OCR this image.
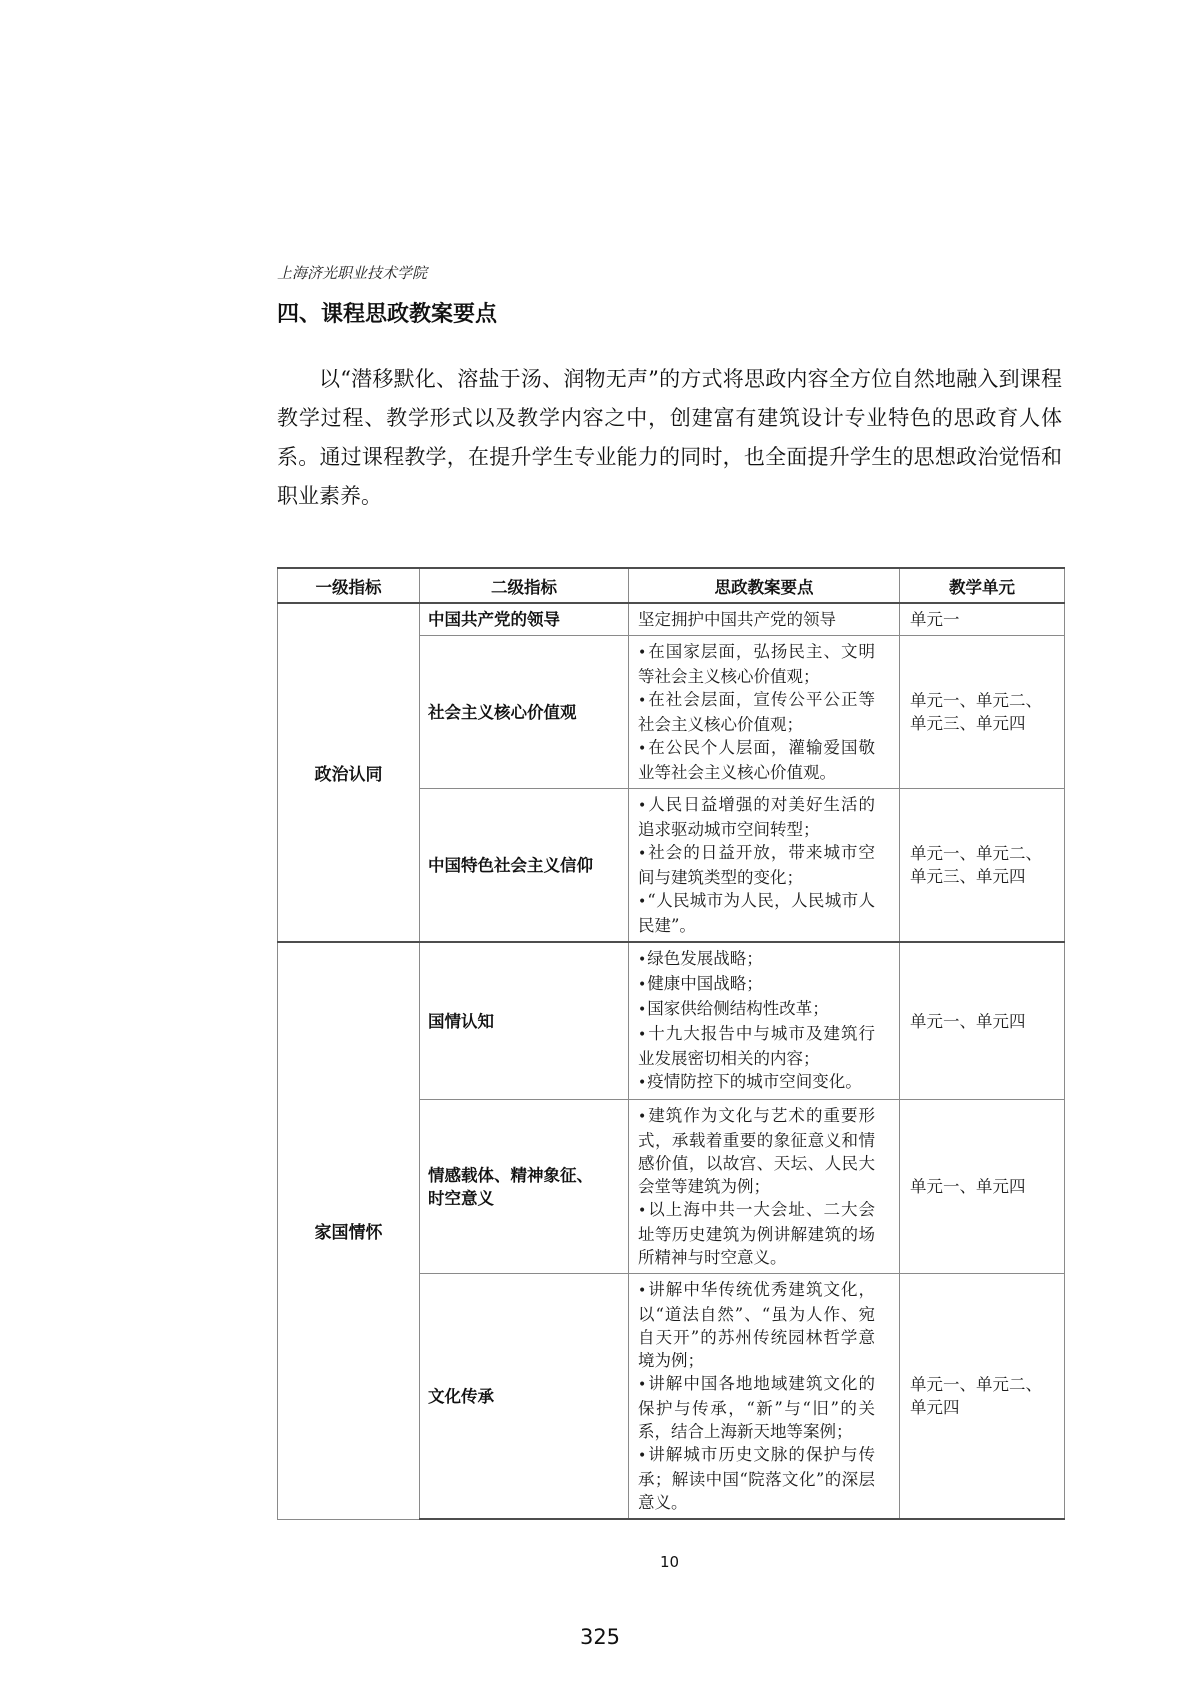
上海济光职业技术学院
四、课程思政教案要点

以“潜移默化、溶盐于汤、润物无声”的方式将思政内容全方位自然地融入到课程教学过程、教学形式以及教学内容之中，创建富有建筑设计专业特色的思政育人体系。通过课程教学，在提升学生专业能力的同时，也全面提升学生的思想政治觉悟和职业素养。

一级指标	二级指标	思政教案要点	教学单元
政治认同	中国共产党的领导	坚定拥护中国共产党的领导	单元一
	社会主义核心价值观	• 在国家层面，弘扬民主、文明等社会主义核心价值观；
• 在社会层面，宣传公平公正等社会主义核心价值观；
• 在公民个人层面，灌输爱国敬业等社会主义核心价值观。	单元一、单元二、单元三、单元四
	中国特色社会主义信仰	• 人民日益增强的对美好生活的追求驱动城市空间转型；
• 社会的日益开放，带来城市空间与建筑类型的变化；
• “人民城市为人民，人民城市人民建”。	单元一、单元二、单元三、单元四
家国情怀	国情认知	• 绿色发展战略；
• 健康中国战略；
• 国家供给侧结构性改革；
• 十九大报告中与城市及建筑行业发展密切相关的内容；
• 疫情防控下的城市空间变化。	单元一、单元四
	情感载体、精神象征、时空意义	• 建筑作为文化与艺术的重要形式，承载着重要的象征意义和情感价值，以故宫、天坛、人民大会堂等建筑为例；
• 以上海中共一大会址、二大会址等历史建筑为例讲解建筑的场所精神与时空意义。	单元一、单元四
	文化传承	• 讲解中华传统优秀建筑文化，以“道法自然”、“虽为人作、宛自天开”的苏州传统园林哲学意境为例；
• 讲解中国各地地域建筑文化的保护与传承，“新”与“旧”的关系，结合上海新天地等案例；
• 讲解城市历史文脉的保护与传承；解读中国“院落文化”的深层意义。	单元一、单元二、单元四
10
325
